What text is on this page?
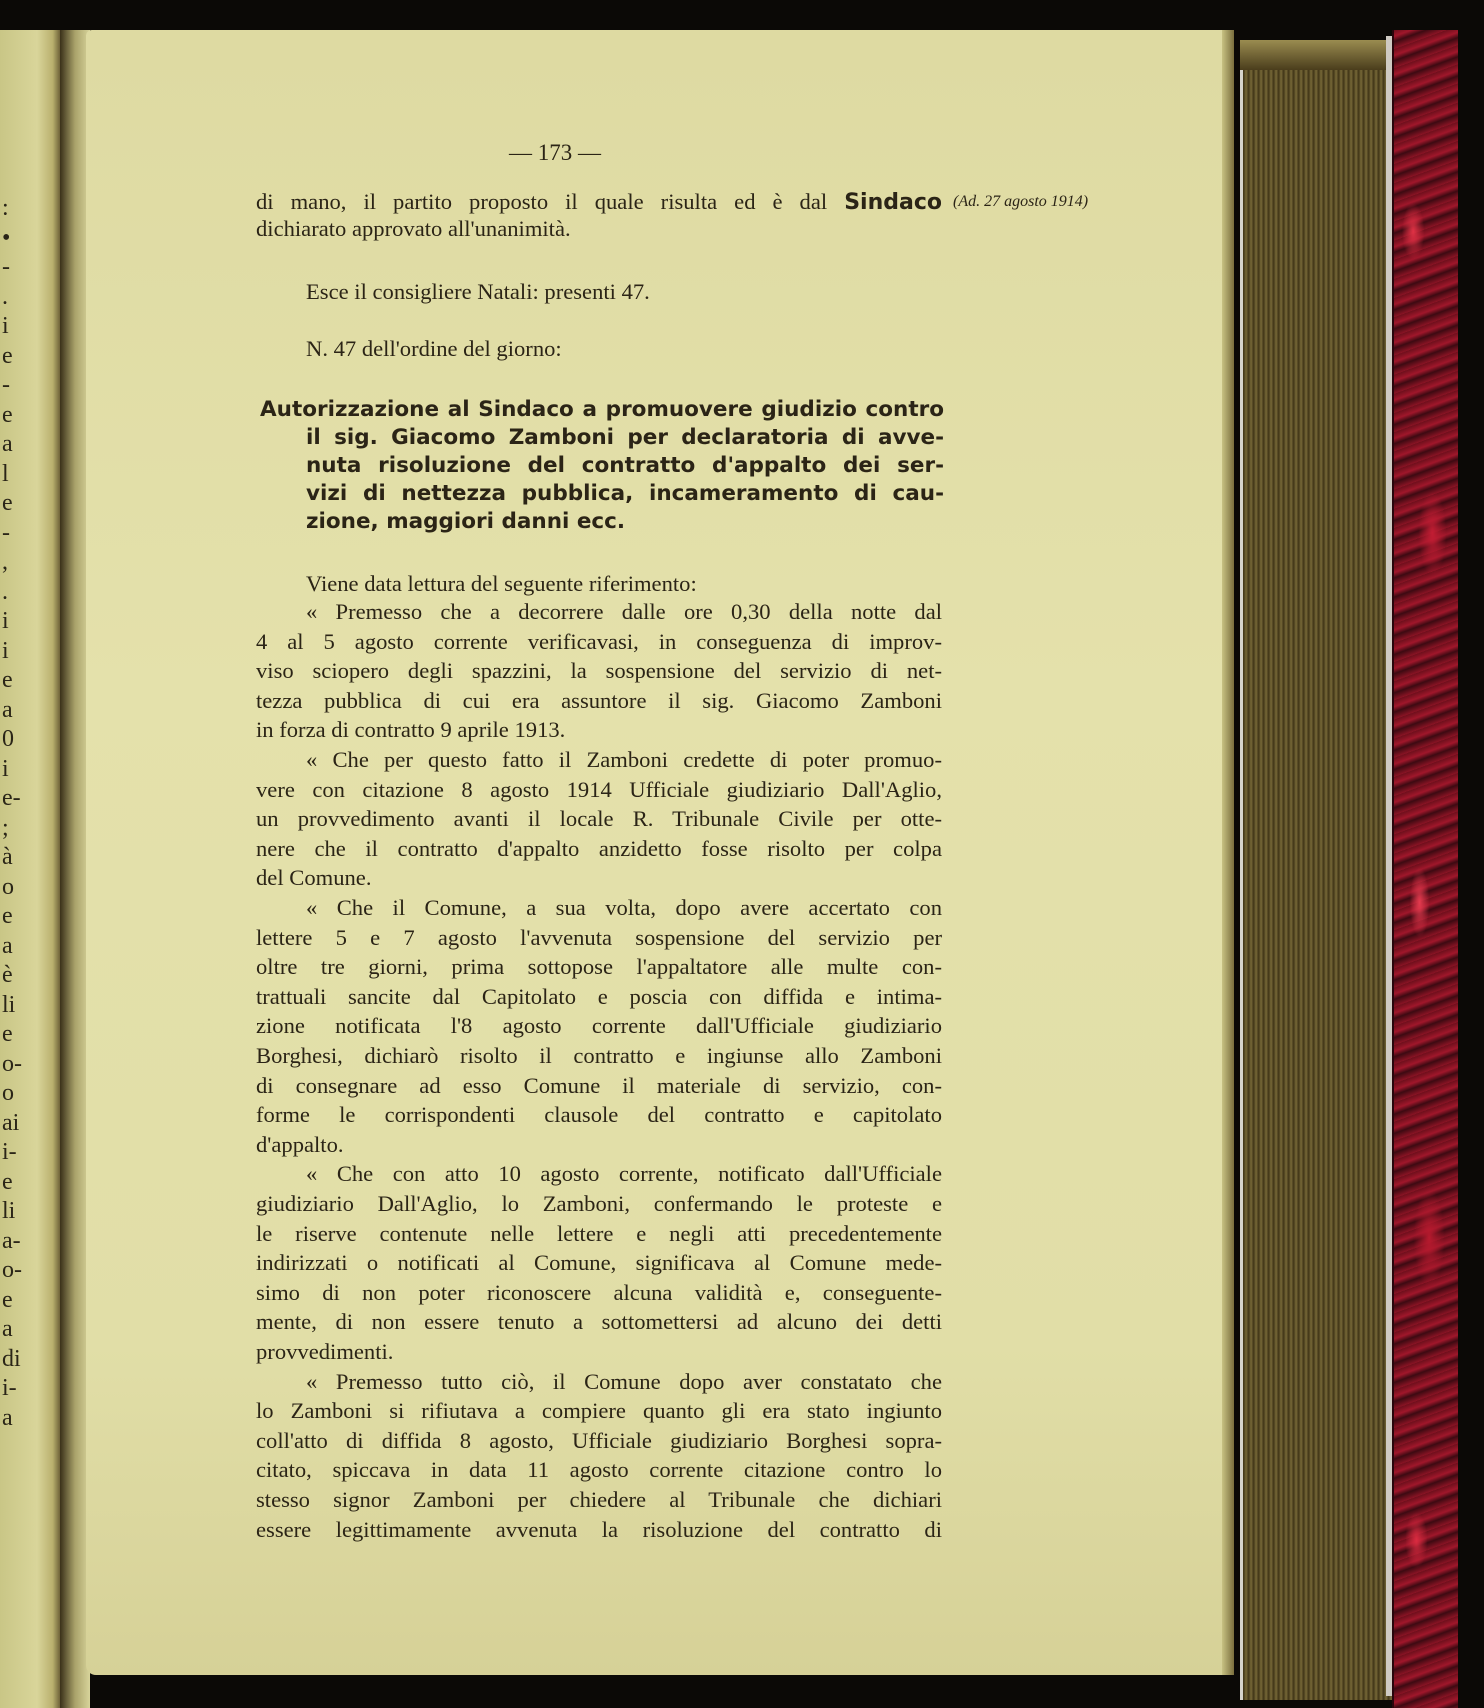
:
•
-
.
i
e
-
e
a
l
e
-
,
.
i
i
e
a
0
i
e-
;
à
o
e
a
è
li
e
o-
o
ai
i-
e
li
a-
o-
e
a
di
i-
a
— 173 —
di mano, il partito proposto il quale risulta ed è dal Sindaco (Ad. 27 agosto 1914)
dichiarato approvato all'unanimità.
Esce il consigliere Natali: presenti 47.
N. 47 dell'ordine del giorno:
Autorizzazione al Sindaco a promuovere giudizio contro
il sig. Giacomo Zamboni per declaratoria di avve-
nuta risoluzione del contratto d'appalto dei ser-
vizi di nettezza pubblica, incameramento di cau-
zione, maggiori danni ecc.
Viene data lettura del seguente riferimento:
« Premesso che a decorrere dalle ore 0,30 della notte dal
4 al 5 agosto corrente verificavasi, in conseguenza di improv-
viso sciopero degli spazzini, la sospensione del servizio di net-
tezza pubblica di cui era assuntore il sig. Giacomo Zamboni
in forza di contratto 9 aprile 1913.
« Che per questo fatto il Zamboni credette di poter promuo-
vere con citazione 8 agosto 1914 Ufficiale giudiziario Dall'Aglio,
un provvedimento avanti il locale R. Tribunale Civile per otte-
nere che il contratto d'appalto anzidetto fosse risolto per colpa
del Comune.
« Che il Comune, a sua volta, dopo avere accertato con
lettere 5 e 7 agosto l'avvenuta sospensione del servizio per
oltre tre giorni, prima sottopose l'appaltatore alle multe con-
trattuali sancite dal Capitolato e poscia con diffida e intima-
zione notificata l'8 agosto corrente dall'Ufficiale giudiziario
Borghesi, dichiarò risolto il contratto e ingiunse allo Zamboni
di consegnare ad esso Comune il materiale di servizio, con-
forme le corrispondenti clausole del contratto e capitolato
d'appalto.
« Che con atto 10 agosto corrente, notificato dall'Ufficiale
giudiziario Dall'Aglio, lo Zamboni, confermando le proteste e
le riserve contenute nelle lettere e negli atti precedentemente
indirizzati o notificati al Comune, significava al Comune mede-
simo di non poter riconoscere alcuna validità e, conseguente-
mente, di non essere tenuto a sottomettersi ad alcuno dei detti
provvedimenti.
« Premesso tutto ciò, il Comune dopo aver constatato che
lo Zamboni si rifiutava a compiere quanto gli era stato ingiunto
coll'atto di diffida 8 agosto, Ufficiale giudiziario Borghesi sopra-
citato, spiccava in data 11 agosto corrente citazione contro lo
stesso signor Zamboni per chiedere al Tribunale che dichiari
essere legittimamente avvenuta la risoluzione del contratto di
